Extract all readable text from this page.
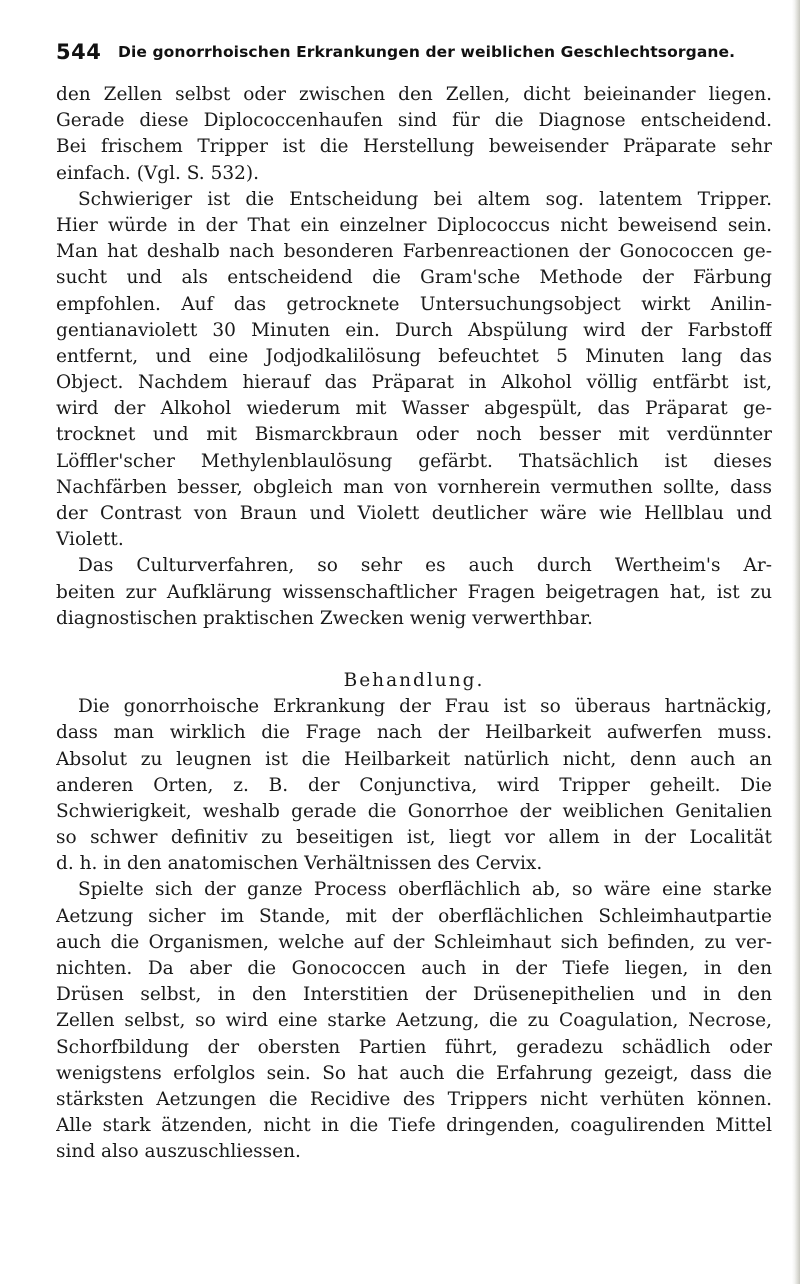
544 Die gonorrhoischen Erkrankungen der weiblichen Geschlechtsorgane.
den Zellen selbst oder zwischen den Zellen, dicht beieinander liegen.
Gerade diese Diplococcenhaufen sind für die Diagnose entscheidend.
Bei frischem Tripper ist die Herstellung beweisender Präparate sehr
einfach. (Vgl. S. 532).
Schwieriger ist die Entscheidung bei altem sog. latentem Tripper.
Hier würde in der That ein einzelner Diplococcus nicht beweisend sein.
Man hat deshalb nach besonderen Farbenreactionen der Gonococcen ge-
sucht und als entscheidend die Gram'sche Methode der Färbung
empfohlen. Auf das getrocknete Untersuchungsobject wirkt Anilin-
gentianaviolett 30 Minuten ein. Durch Abspülung wird der Farbstoff
entfernt, und eine Jodjodkalilösung befeuchtet 5 Minuten lang das
Object. Nachdem hierauf das Präparat in Alkohol völlig entfärbt ist,
wird der Alkohol wiederum mit Wasser abgespült, das Präparat ge-
trocknet und mit Bismarckbraun oder noch besser mit verdünnter
Löffler'scher Methylenblaulösung gefärbt. Thatsächlich ist dieses
Nachfärben besser, obgleich man von vornherein vermuthen sollte, dass
der Contrast von Braun und Violett deutlicher wäre wie Hellblau und
Violett.
Das Culturverfahren, so sehr es auch durch Wertheim's Ar-
beiten zur Aufklärung wissenschaftlicher Fragen beigetragen hat, ist zu
diagnostischen praktischen Zwecken wenig verwerthbar.
Behandlung.
Die gonorrhoische Erkrankung der Frau ist so überaus hartnäckig,
dass man wirklich die Frage nach der Heilbarkeit aufwerfen muss.
Absolut zu leugnen ist die Heilbarkeit natürlich nicht, denn auch an
anderen Orten, z. B. der Conjunctiva, wird Tripper geheilt. Die
Schwierigkeit, weshalb gerade die Gonorrhoe der weiblichen Genitalien
so schwer definitiv zu beseitigen ist, liegt vor allem in der Localität
d. h. in den anatomischen Verhältnissen des Cervix.
Spielte sich der ganze Process oberflächlich ab, so wäre eine starke
Aetzung sicher im Stande, mit der oberflächlichen Schleimhautpartie
auch die Organismen, welche auf der Schleimhaut sich befinden, zu ver-
nichten. Da aber die Gonococcen auch in der Tiefe liegen, in den
Drüsen selbst, in den Interstitien der Drüsenepithelien und in den
Zellen selbst, so wird eine starke Aetzung, die zu Coagulation, Necrose,
Schorfbildung der obersten Partien führt, geradezu schädlich oder
wenigstens erfolglos sein. So hat auch die Erfahrung gezeigt, dass die
stärksten Aetzungen die Recidive des Trippers nicht verhüten können.
Alle stark ätzenden, nicht in die Tiefe dringenden, coagulirenden Mittel
sind also auszuschliessen.
